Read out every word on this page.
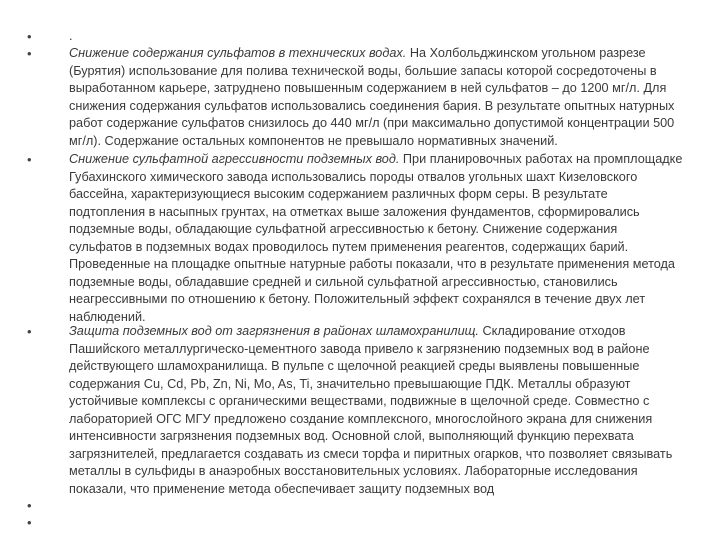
•	.
•	Снижение содержания сульфатов в технических водах. На Холбольджинском угольном разрезе (Бурятия) использование для полива технической воды, большие запасы которой сосредоточены в выработанном карьере, затруднено повышенным содержанием в ней сульфатов – до 1200 мг/л. Для снижения содержания сульфатов использовались соединения бария. В результате опытных натурных работ содержание сульфатов снизилось до 440 мг/л (при максимально допустимой концентрации 500 мг/л). Содержание остальных компонентов не превышало нормативных значений.
•	Снижение сульфатной агрессивности подземных вод. При планировочных работах на промплощадке Губахинского химического завода использовались породы отвалов угольных шахт Кизеловского бассейна, характеризующиеся высоким содержанием различных форм серы. В результате подтопления в насыпных грунтах, на отметках выше заложения фундаментов, сформировались подземные воды, обладающие сульфатной агрессивностью к бетону. Снижение содержания сульфатов в подземных водах проводилось путем применения реагентов, содержащих барий. Проведенные на площадке опытные натурные работы показали, что в результате применения метода подземные воды, обладавшие средней и сильной сульфатной агрессивностью, становились неагрессивными по отношению к бетону. Положительный эффект сохранялся в течение двух лет наблюдений.
•	Защита подземных вод от загрязнения в районах шламохранилищ. Складирование отходов Пашийского металлургическо-цементного завода привело к загрязнению подземных вод в районе действующего шламохранилища. В пульпе с щелочной реакцией среды выявлены повышенные содержания Cu, Cd, Pb, Zn, Ni, Mo, As, Ti, значительно превышающие ПДК. Металлы образуют устойчивые комплексы с органическими веществами, подвижные в щелочной среде. Совместно с лабораторией ОГС МГУ предложено создание комплексного, многослойного экрана для снижения интенсивности загрязнения подземных вод. Основной слой, выполняющий функцию перехвата загрязнителей, предлагается создавать из смеси торфа и пиритных огарков, что позволяет связывать металлы в сульфиды в анаэробных восстановительных условиях. Лабораторные исследования показали, что применение метода обеспечивает защиту подземных вод
•
•
